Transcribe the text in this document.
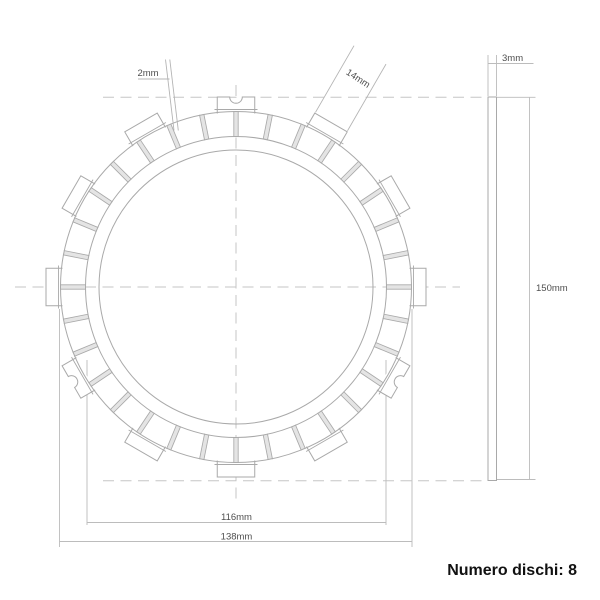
2mm	14mm
3mm
150mm
116mm
138mm
Numero dischi: 8
